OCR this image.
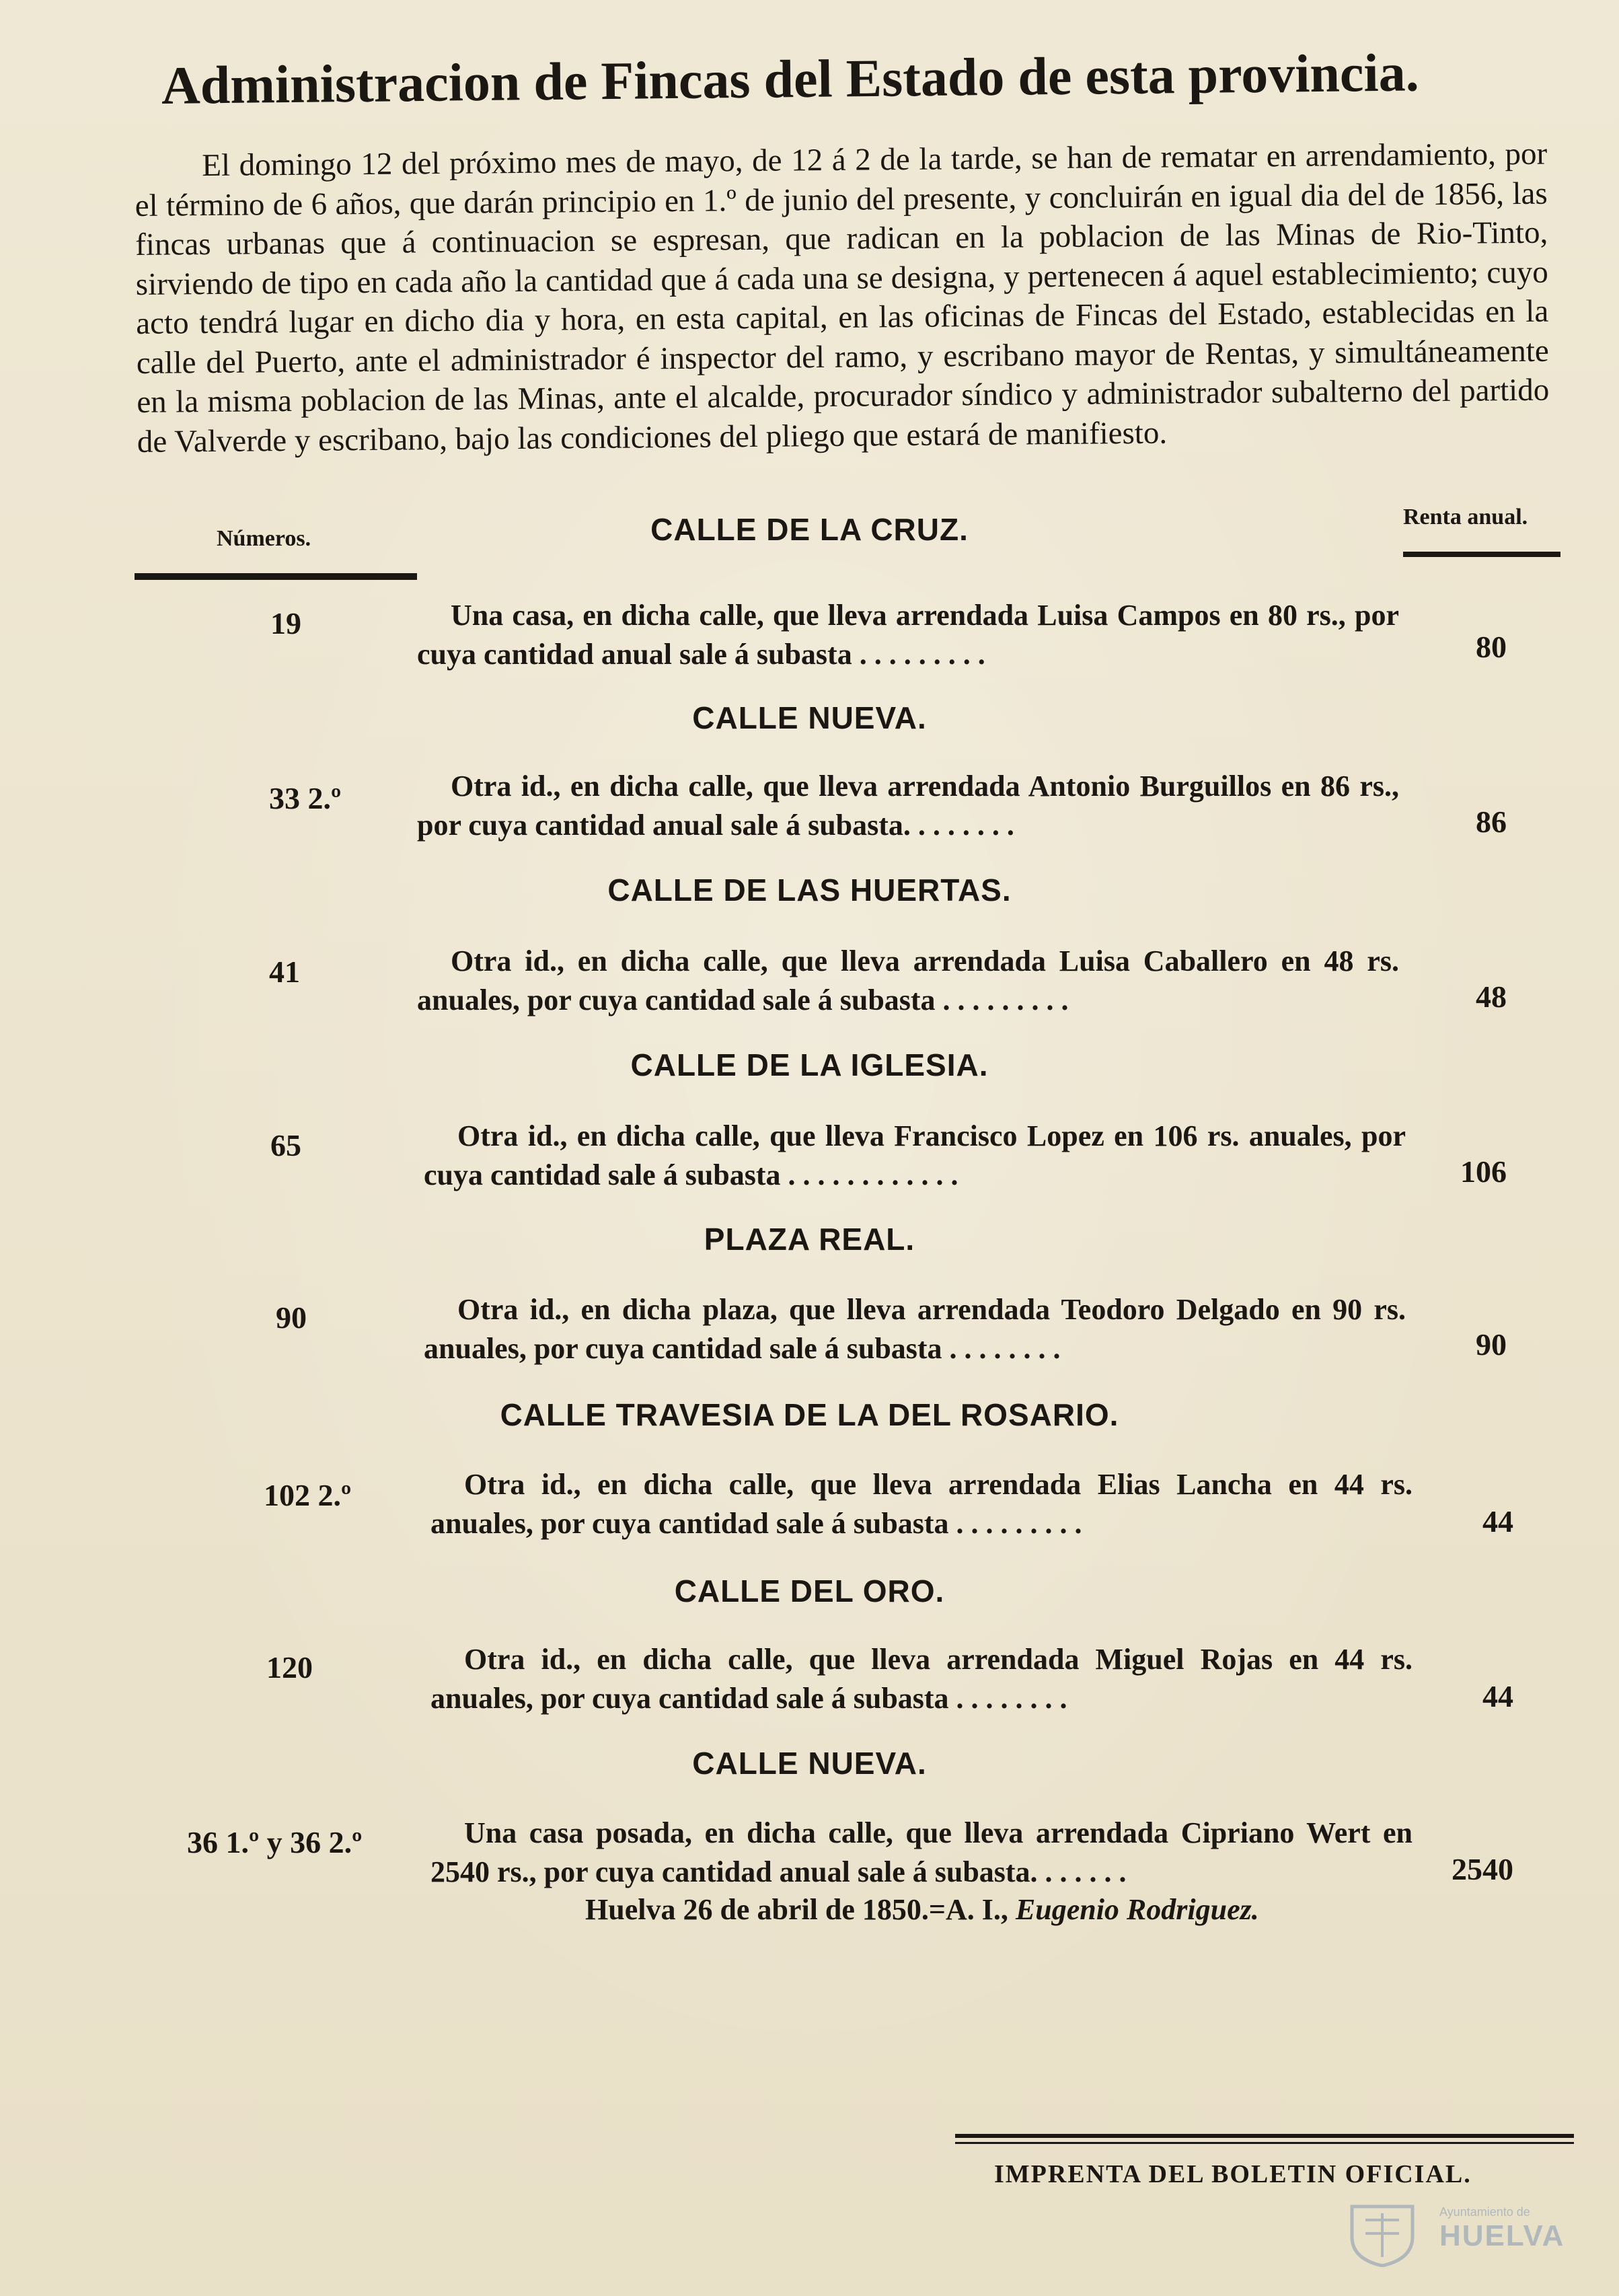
Administracion de Fincas del Estado de esta provincia.
El domingo 12 del próximo mes de mayo, de 12 á 2 de la tarde, se han de rematar en arrendamiento, por el término de 6 años, que darán principio en 1.º de junio del presente, y concluirán en igual dia del de 1856, las fincas urbanas que á continuacion se espresan, que radican en la poblacion de las Minas de Rio-Tinto, sirviendo de tipo en cada año la cantidad que á cada una se designa, y pertenecen á aquel establecimiento; cuyo acto tendrá lugar en dicho dia y hora, en esta capital, en las oficinas de Fincas del Estado, establecidas en la calle del Puerto, ante el administrador é inspector del ramo, y escribano mayor de Rentas, y simultáneamente en la misma poblacion de las Minas, ante el alcalde, procurador síndico y administrador subalterno del partido de Valverde y escribano, bajo las condiciones del pliego que estará de manifiesto.
Números.
Renta anual.
CALLE DE LA CRUZ.
19	Una casa, en dicha calle, que lleva arrendada Luisa Campos en 80 rs., por cuya cantidad anual sale á subasta . . . . . . . . .	80
CALLE NUEVA.
33 2.º	Otra id., en dicha calle, que lleva arrendada Antonio Burguillos en 86 rs., por cuya cantidad anual sale á subasta. . . . . . . .	86
CALLE DE LAS HUERTAS.
41	Otra id., en dicha calle, que lleva arrendada Luisa Caballero en 48 rs. anuales, por cuya cantidad sale á subasta . . . . . . . . .	48
CALLE DE LA IGLESIA.
65	Otra id., en dicha calle, que lleva Francisco Lopez en 106 rs. anuales, por cuya cantidad sale á subasta . . . . . . . . . . . .	106
PLAZA REAL.
90	Otra id., en dicha plaza, que lleva arrendada Teodoro Delgado en 90 rs. anuales, por cuya cantidad sale á subasta . . . . . . . .	90
CALLE TRAVESIA DE LA DEL ROSARIO.
102 2.º	Otra id., en dicha calle, que lleva arrendada Elias Lancha en 44 rs. anuales, por cuya cantidad sale á subasta . . . . . . . . .	44
CALLE DEL ORO.
120	Otra id., en dicha calle, que lleva arrendada Miguel Rojas en 44 rs. anuales, por cuya cantidad sale á subasta . . . . . . . .	44
CALLE NUEVA.
36 1.º y 36 2.º	Una casa posada, en dicha calle, que lleva arrendada Cipriano Wert en 2540 rs., por cuya cantidad anual sale á subasta. . . . . . .	2540
Huelva 26 de abril de 1850.=A. I., Eugenio Rodriguez.
IMPRENTA DEL BOLETIN OFICIAL.
Ayuntamiento de
HUELVA
